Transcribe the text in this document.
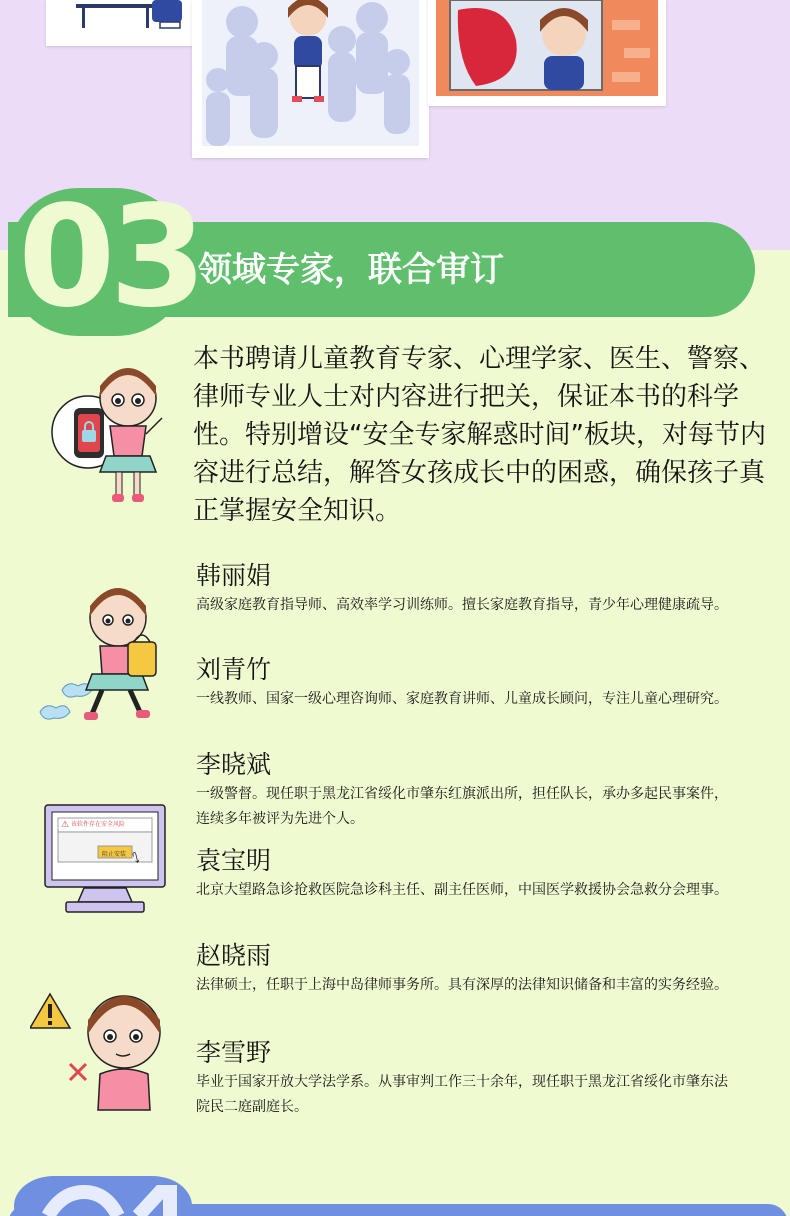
03
领域专家，联合审订
本书聘请儿童教育专家、心理学家、医生、警察、律师专业人士对内容进行把关，保证本书的科学性。特别增设“安全专家解惑时间”板块，对每节内容进行总结，解答女孩成长中的困惑，确保孩子真正掌握安全知识。
⚠ 该软件存在安全风险
阻止安装 ⭛
韩丽娟
高级家庭教育指导师、高效率学习训练师。擅长家庭教育指导，青少年心理健康疏导。
刘青竹
一线教师、国家一级心理咨询师、家庭教育讲师、儿童成长顾问，专注儿童心理研究。
李晓斌
一级警督。现任职于黑龙江省绥化市肇东红旗派出所，担任队长，承办多起民事案件，连续多年被评为先进个人。
袁宝明
北京大望路急诊抢救医院急诊科主任、副主任医师，中国医学救援协会急救分会理事。
赵晓雨
法律硕士，任职于上海中岛律师事务所。具有深厚的法律知识储备和丰富的实务经验。
李雪野
毕业于国家开放大学法学系。从事审判工作三十余年，现任职于黑龙江省绥化市肇东法院民二庭副庭长。
